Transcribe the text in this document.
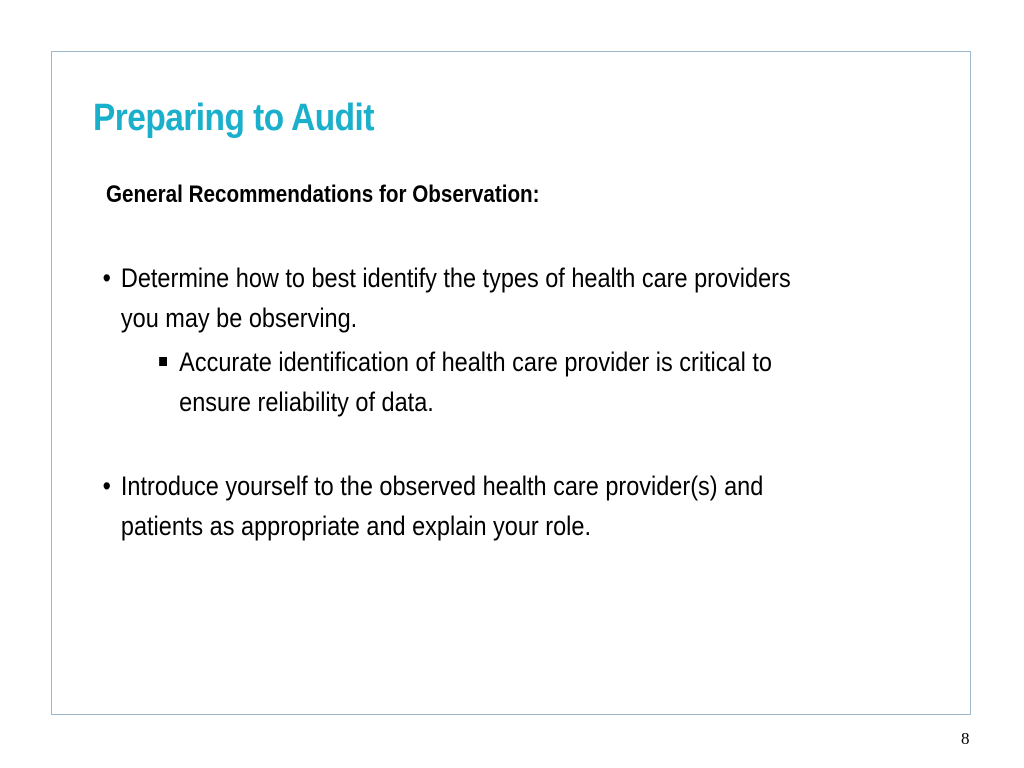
Preparing to Audit
General Recommendations for Observation:
• Determine how to best identify the types of health care providers
you may be observing.
Accurate identification of health care provider is critical to
ensure reliability of data.
• Introduce yourself to the observed health care provider(s) and
patients as appropriate and explain your role.
8
